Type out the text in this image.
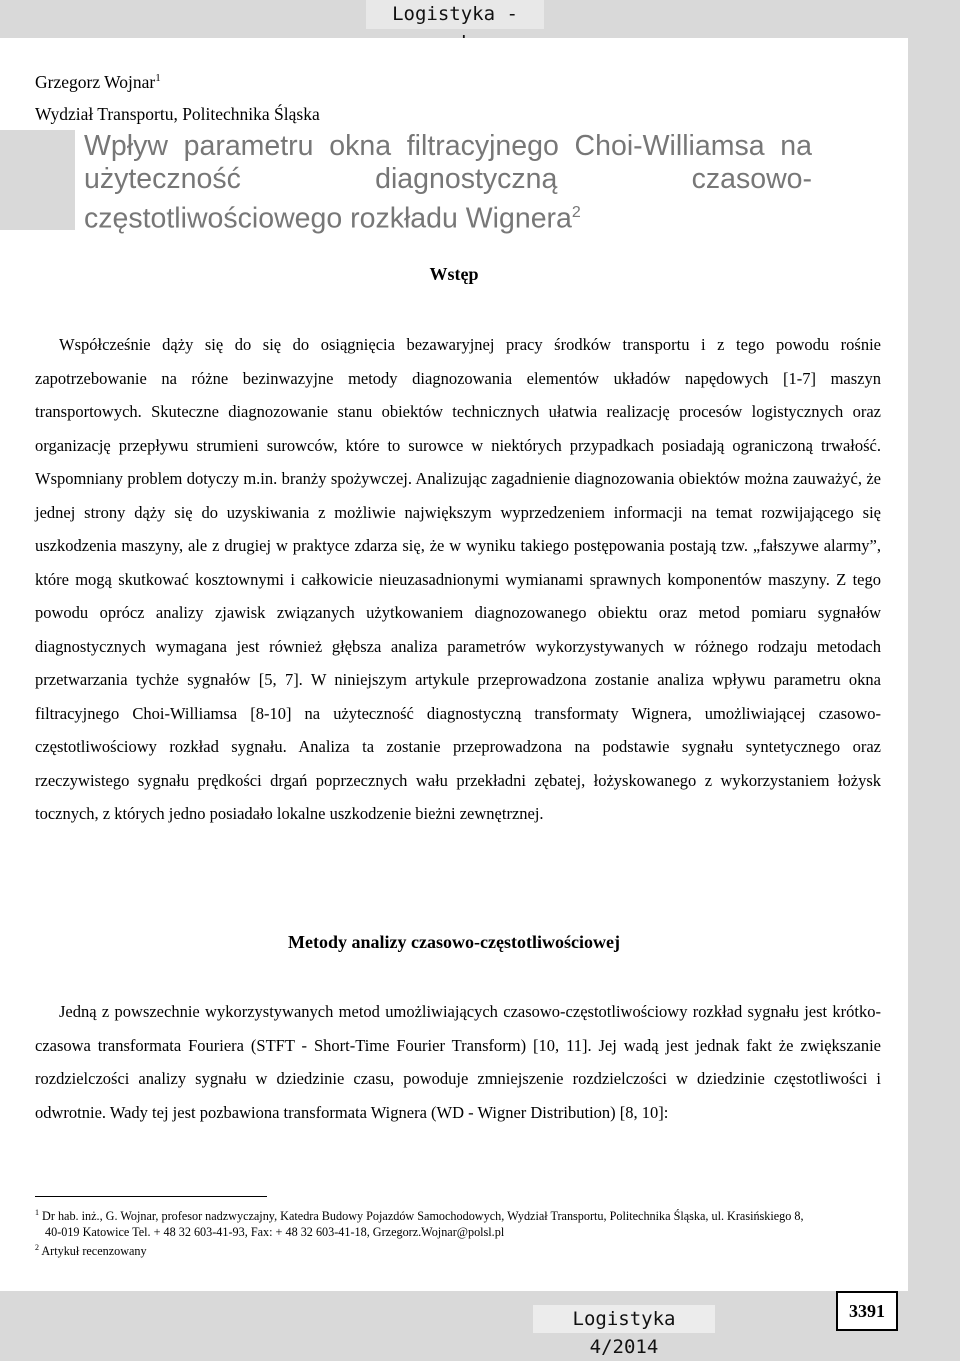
Logistyka -
Grzegorz Wojnar$^1$
Wydział Transportu, Politechnika Śląska
Wpływ parametru okna filtracyjnego Choi-Williamsa na użyteczność diagnostyczną czasowo-częstotliwościowego rozkładu Wignera$^2$
Wstęp

Współcześnie dąży się do się do osiągnięcia bezawaryjnej pracy środków transportu i z tego powodu rośnie zapotrzebowanie na różne bezinwazyjne metody diagnozowania elementów układów napędowych [1-7] maszyn transportowych. Skuteczne diagnozowanie stanu obiektów technicznych ułatwia realizację procesów logistycznych oraz organizację przepływu strumieni surowców, które to surowce w niektórych przypadkach posiadają ograniczoną trwałość. Wspomniany problem dotyczy m.in. branży spożywczej. Analizując zagadnienie diagnozowania obiektów można zauważyć, że jednej strony dąży się do uzyskiwania z możliwie największym wyprzedzeniem informacji na temat rozwijającego się uszkodzenia maszyny, ale z drugiej w praktyce zdarza się, że w wyniku takiego postępowania postają tzw. „fałszywe alarmy”, które mogą skutkować kosztownymi i całkowicie nieuzasadnionymi wymianami sprawnych komponentów maszyny. Z tego powodu oprócz analizy zjawisk związanych użytkowaniem diagnozowanego obiektu oraz metod pomiaru sygnałów diagnostycznych wymagana jest również głębsza analiza parametrów wykorzystywanych w różnego rodzaju metodach przetwarzania tychże sygnałów [5, 7]. W niniejszym artykule przeprowadzona zostanie analiza wpływu parametru okna filtracyjnego Choi-Williamsa [8-10] na użyteczność diagnostyczną transformaty Wignera, umożliwiającej czasowo-częstotliwościowy rozkład sygnału. Analiza ta zostanie przeprowadzona na podstawie sygnału syntetycznego oraz rzeczywistego sygnału prędkości drgań poprzecznych wału przekładni zębatej, łożyskowanego z wykorzystaniem łożysk tocznych, z których jedno posiadało lokalne uszkodzenie bieżni zewnętrznej.

Metody analizy czasowo-częstotliwościowej

Jedną z powszechnie wykorzystywanych metod umożliwiających czasowo-częstotliwościowy rozkład sygnału jest krótko-czasowa transformata Fouriera (STFT - Short-Time Fourier Transform) [10, 11]. Jej wadą jest jednak fakt że zwiększanie rozdzielczości analizy sygnału w dziedzinie czasu, powoduje zmniejszenie rozdzielczości w dziedzinie częstotliwości i odwrotnie. Wady tej jest pozbawiona transformata Wignera (WD - Wigner Distribution) [8, 10]:

$^1$ Dr hab. inż., G. Wojnar, profesor nadzwyczajny, Katedra Budowy Pojazdów Samochodowych, Wydział Transportu, Politechnika Śląska, ul. Krasińskiego 8,

40-019 Katowice Tel. + 48 32 603-41-93, Fax: + 48 32 603-41-18, Grzegorz.Wojnar@polsl.pl

$^2$ Artykuł recenzowany

Logistyka 4/2014
3391
